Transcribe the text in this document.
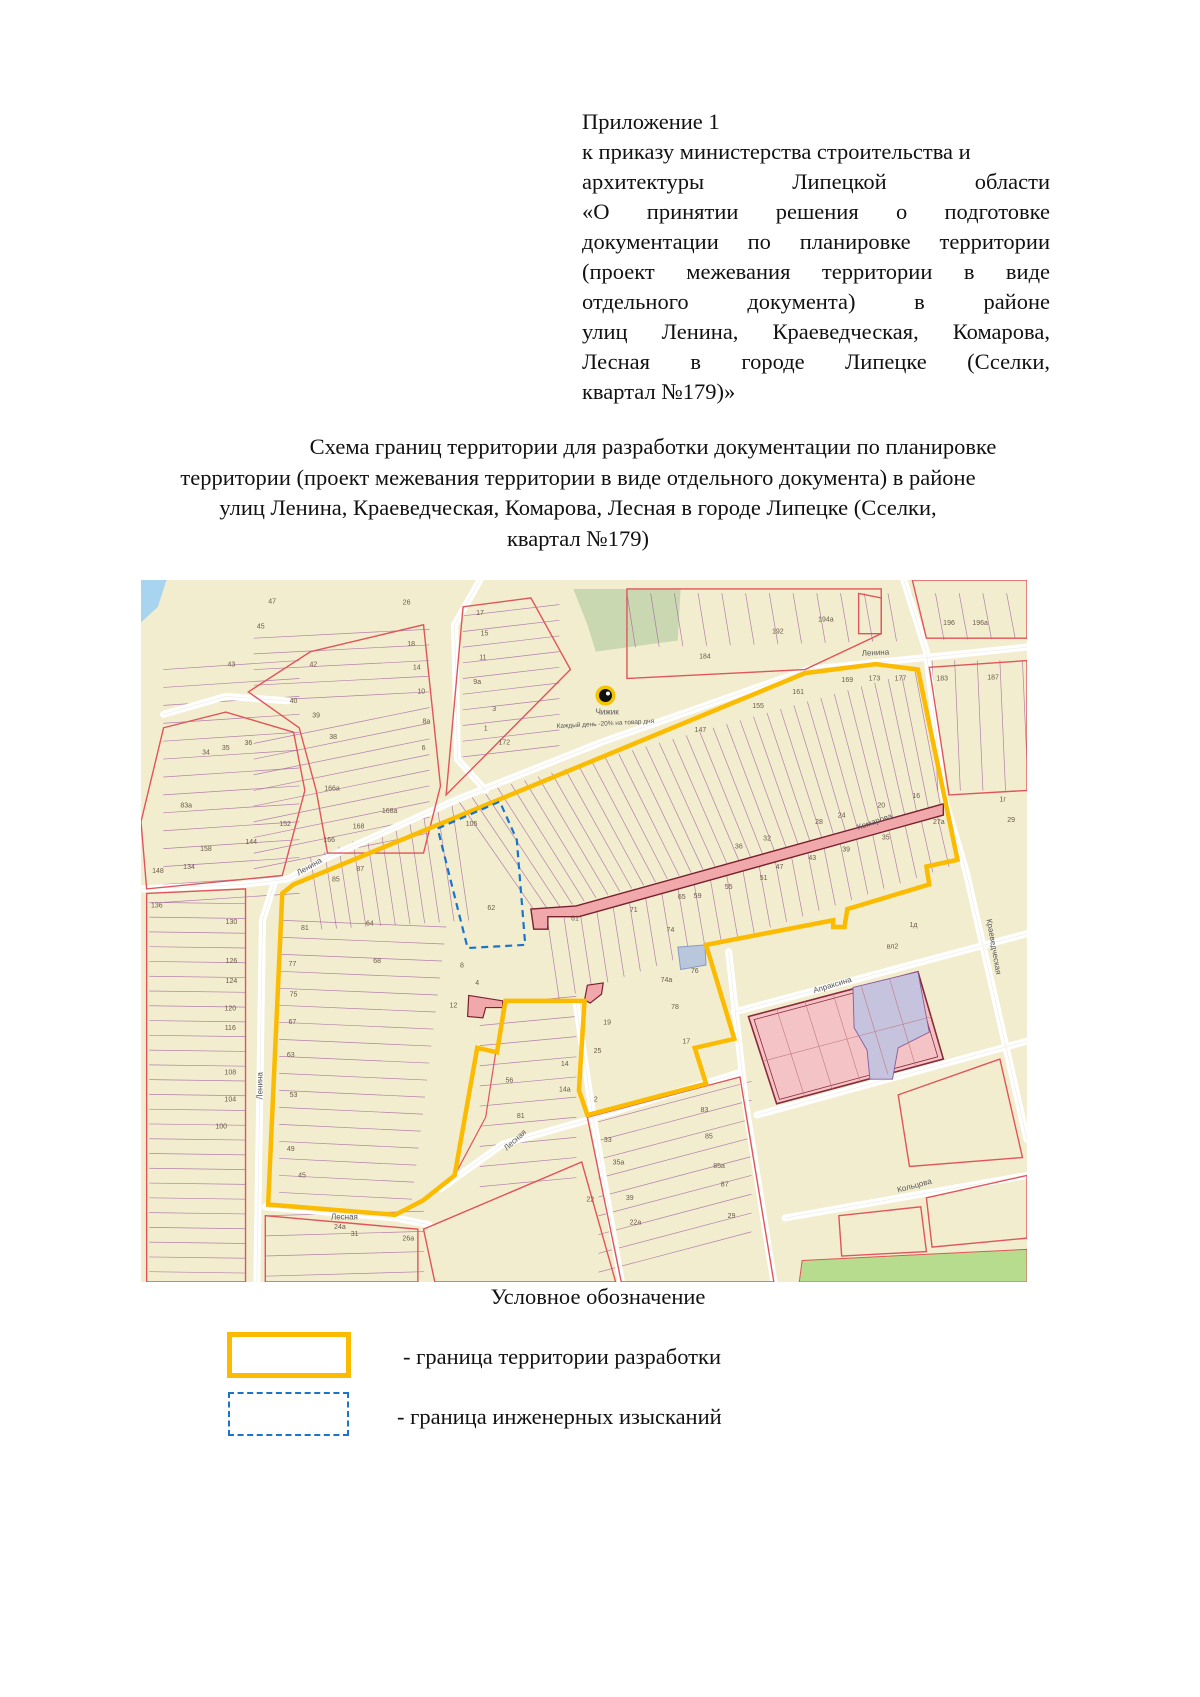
Приложение 1
к приказу министерства строительства и
архитектуры Липецкой области
«О принятии решения о подготовке
документации по планировке территории
(проект межевания территории в виде
отдельного документа) в районе
улиц Ленина, Краеведческая, Комарова,
Лесная в городе Липецке (Сселки,
квартал №179)»
Схема границ территории для разработки документации по планировке
территории (проект межевания территории в виде отдельного документа) в районе
улиц Ленина, Краеведческая, Комарова, Лесная в городе Липецке (Сселки,
квартал №179)
Ленина
Ленина
Ленина
Комарова
Апраксина
Краеведческая
Кольцова
Лесная
Лесная
Чижик
Каждый день -20% на товар дня
47	26
45
43
18
14
42
40
10
39
38
8а
6
34
35
36
83а
166а
168
168а
166
152
158
144
148
134
136
130
126
124
120
116
108
104
100
17
15
11
9а
3
1
172
184
192
194а	196 196а
183	187
169 173 177
161
155
147
105
62
85
87
81
64
68
77
75
67
63
53
49
45
24
28
32
36
20
16
35
39
43
47
51
55
59
65
71
61
74
74а
76
78
17
19
25
2
4
8
12
14
14а
56
81
83
85
85а
87
29
33
35а
39
22а
24а
22
26а
31
27а	29
1г
1д
вл2
Условное обозначение
- граница территории разработки
- граница инженерных изысканий
